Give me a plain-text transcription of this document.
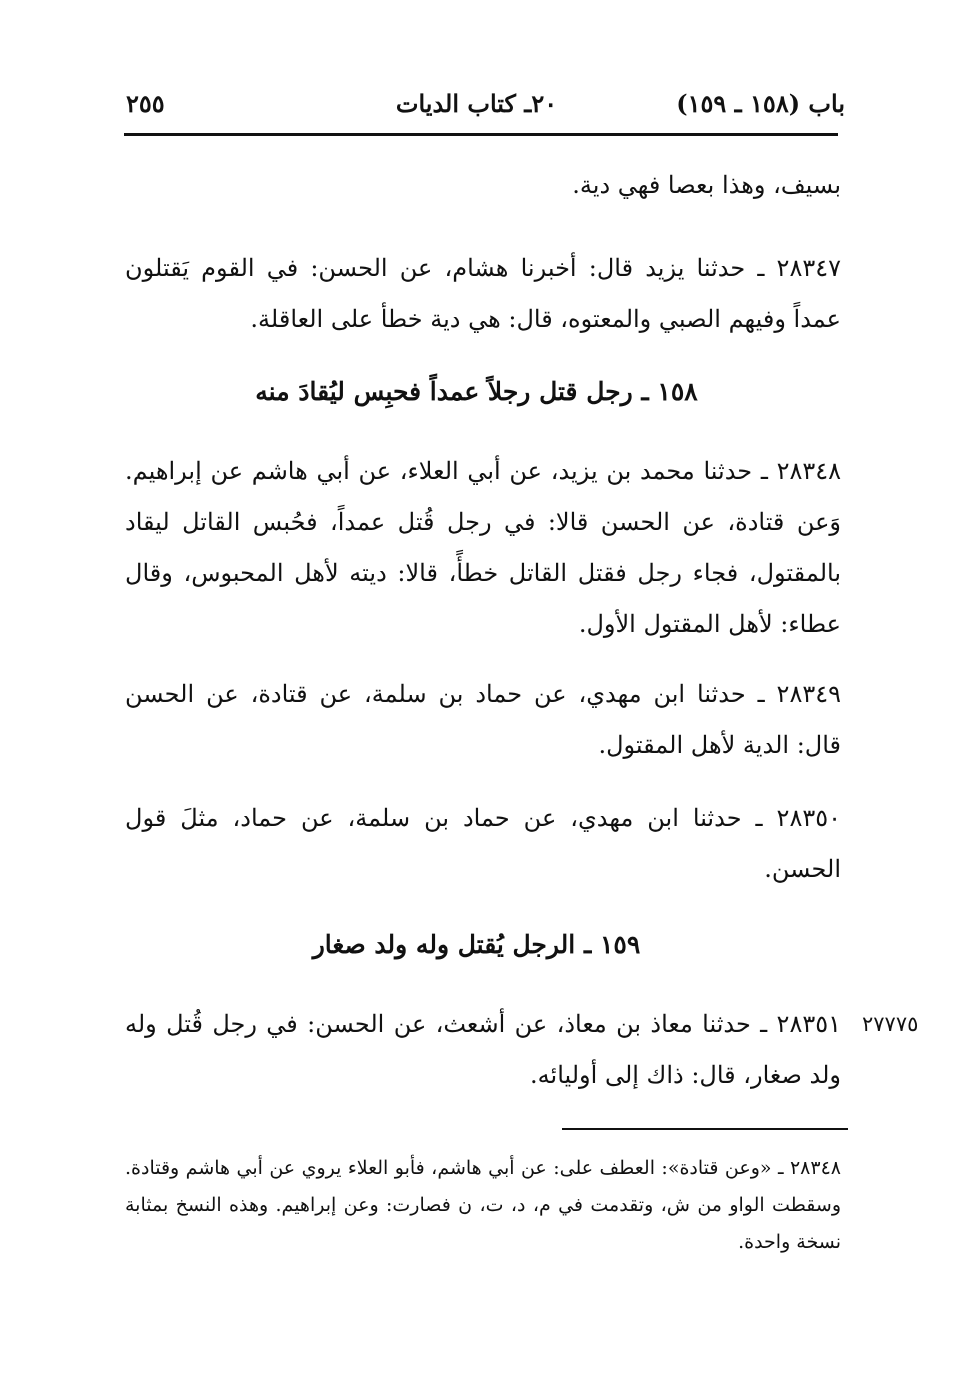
باب (١٥٨ ـ ١٥٩)
٢٠ـ كتاب الديات
٢٥٥
بسيف، وهذا بعصا فهي دية.
٢٨٣٤٧ ـ حدثنا يزيد قال: أخبرنا هشام، عن الحسن: في القوم يَقتلون عمداً وفيهم الصبي والمعتوه، قال: هي دية خطأ على العاقلة.
١٥٨ ـ رجل قتل رجلاً عمداً فحبِس ليُقادَ منه
٢٨٣٤٨ ـ حدثنا محمد بن يزيد، عن أبي العلاء، عن أبي هاشم عن إبراهيم. وَعن قتادة، عن الحسن قالا: في رجل قُتل عمداً، فحُبس القاتل ليقاد بالمقتول، فجاء رجل فقتل القاتل خطأً، قالا: ديته لأهل المحبوس، وقال عطاء: لأهل المقتول الأول.
٢٨٣٤٩ ـ حدثنا ابن مهدي، عن حماد بن سلمة، عن قتادة، عن الحسن قال: الدية لأهل المقتول.
٢٨٣٥٠ ـ حدثنا ابن مهدي، عن حماد بن سلمة، عن حماد، مثلَ قول الحسن.
١٥٩ ـ الرجل يُقتل وله ولد صغار
٢٧٧٧٥
٢٨٣٥١ ـ حدثنا معاذ بن معاذ، عن أشعث، عن الحسن: في رجل قُتل وله ولد صغار، قال: ذاك إلى أوليائه.
٢٨٣٤٨ ـ «وعن قتادة»: العطف على: عن أبي هاشم، فأبو العلاء يروي عن أبي هاشم وقتادة. وسقطت الواو من ش، وتقدمت في م، د، ت، ن فصارت: وعن إبراهيم. وهذه النسخ بمثابة نسخة واحدة.
